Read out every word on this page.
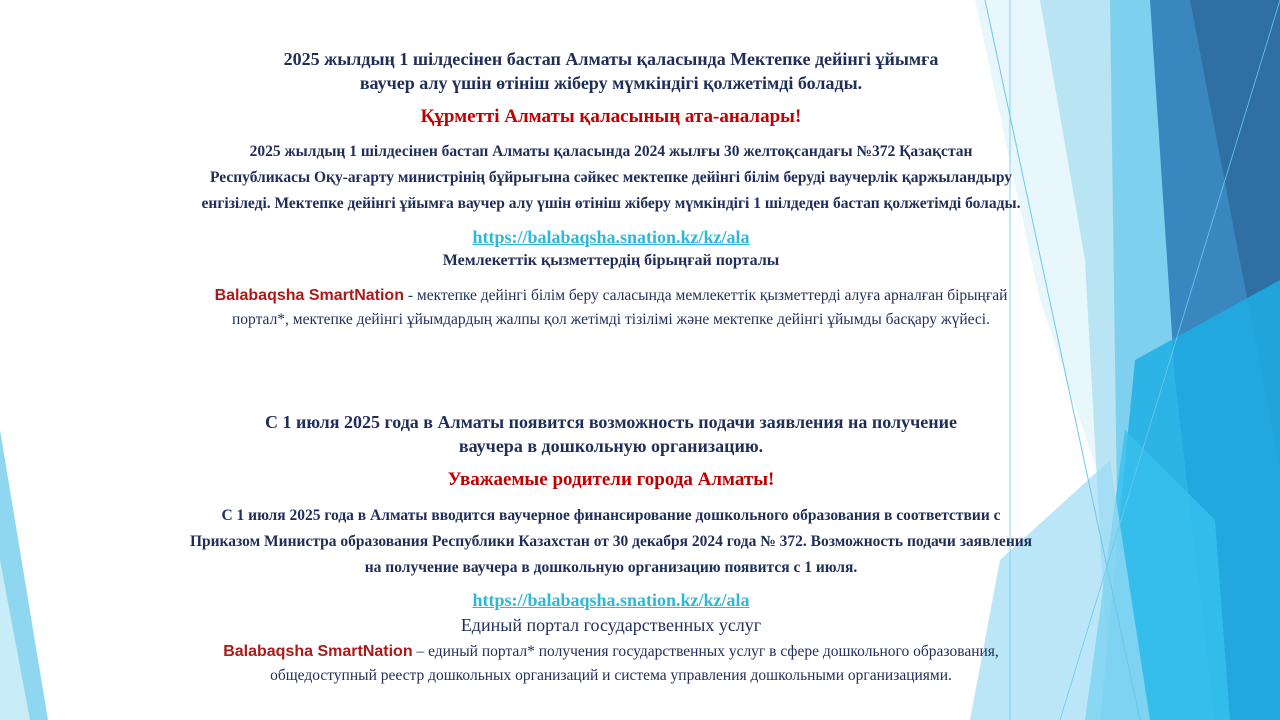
2025 жылдың 1 шілдесінен бастап Алматы қаласында Мектепке дейінгі ұйымға
ваучер алу үшін өтініш жіберу мүмкіндігі қолжетімді болады.
Құрметті Алматы қаласының ата-аналары!
2025 жылдың 1 шілдесінен бастап Алматы қаласында 2024 жылғы 30 желтоқсандағы №372 Қазақстан
Республикасы Оқу-ағарту министрінің бұйрығына сәйкес мектепке дейінгі білім беруді ваучерлік қаржыландыру
енгізіледі. Мектепке дейінгі ұйымға ваучер алу үшін өтініш жіберу мүмкіндігі 1 шілдеден бастап қолжетімді болады.
https://balabaqsha.snation.kz/kz/ala
Мемлекеттік қызметтердің бірыңғай порталы
Balabaqsha SmartNation - мектепке дейінгі білім беру саласында мемлекеттік қызметтерді алуға арналған бірыңғай
портал*, мектепке дейінгі ұйымдардың жалпы қол жетімді тізілімі және мектепке дейінгі ұйымды басқару жүйесі.
С 1 июля 2025 года в Алматы появится возможность подачи заявления на получение
ваучера в дошкольную организацию.
Уважаемые родители города Алматы!
С 1 июля 2025 года в Алматы вводится ваучерное финансирование дошкольного образования в соответствии с
Приказом Министра образования Республики Казахстан от 30 декабря 2024 года № 372. Возможность подачи заявления
на получение ваучера в дошкольную организацию появится с 1 июля.
https://balabaqsha.snation.kz/kz/ala
Единый портал государственных услуг
Balabaqsha SmartNation – единый портал* получения государственных услуг в сфере дошкольного образования,
общедоступный реестр дошкольных организаций и система управления дошкольными организациями.
